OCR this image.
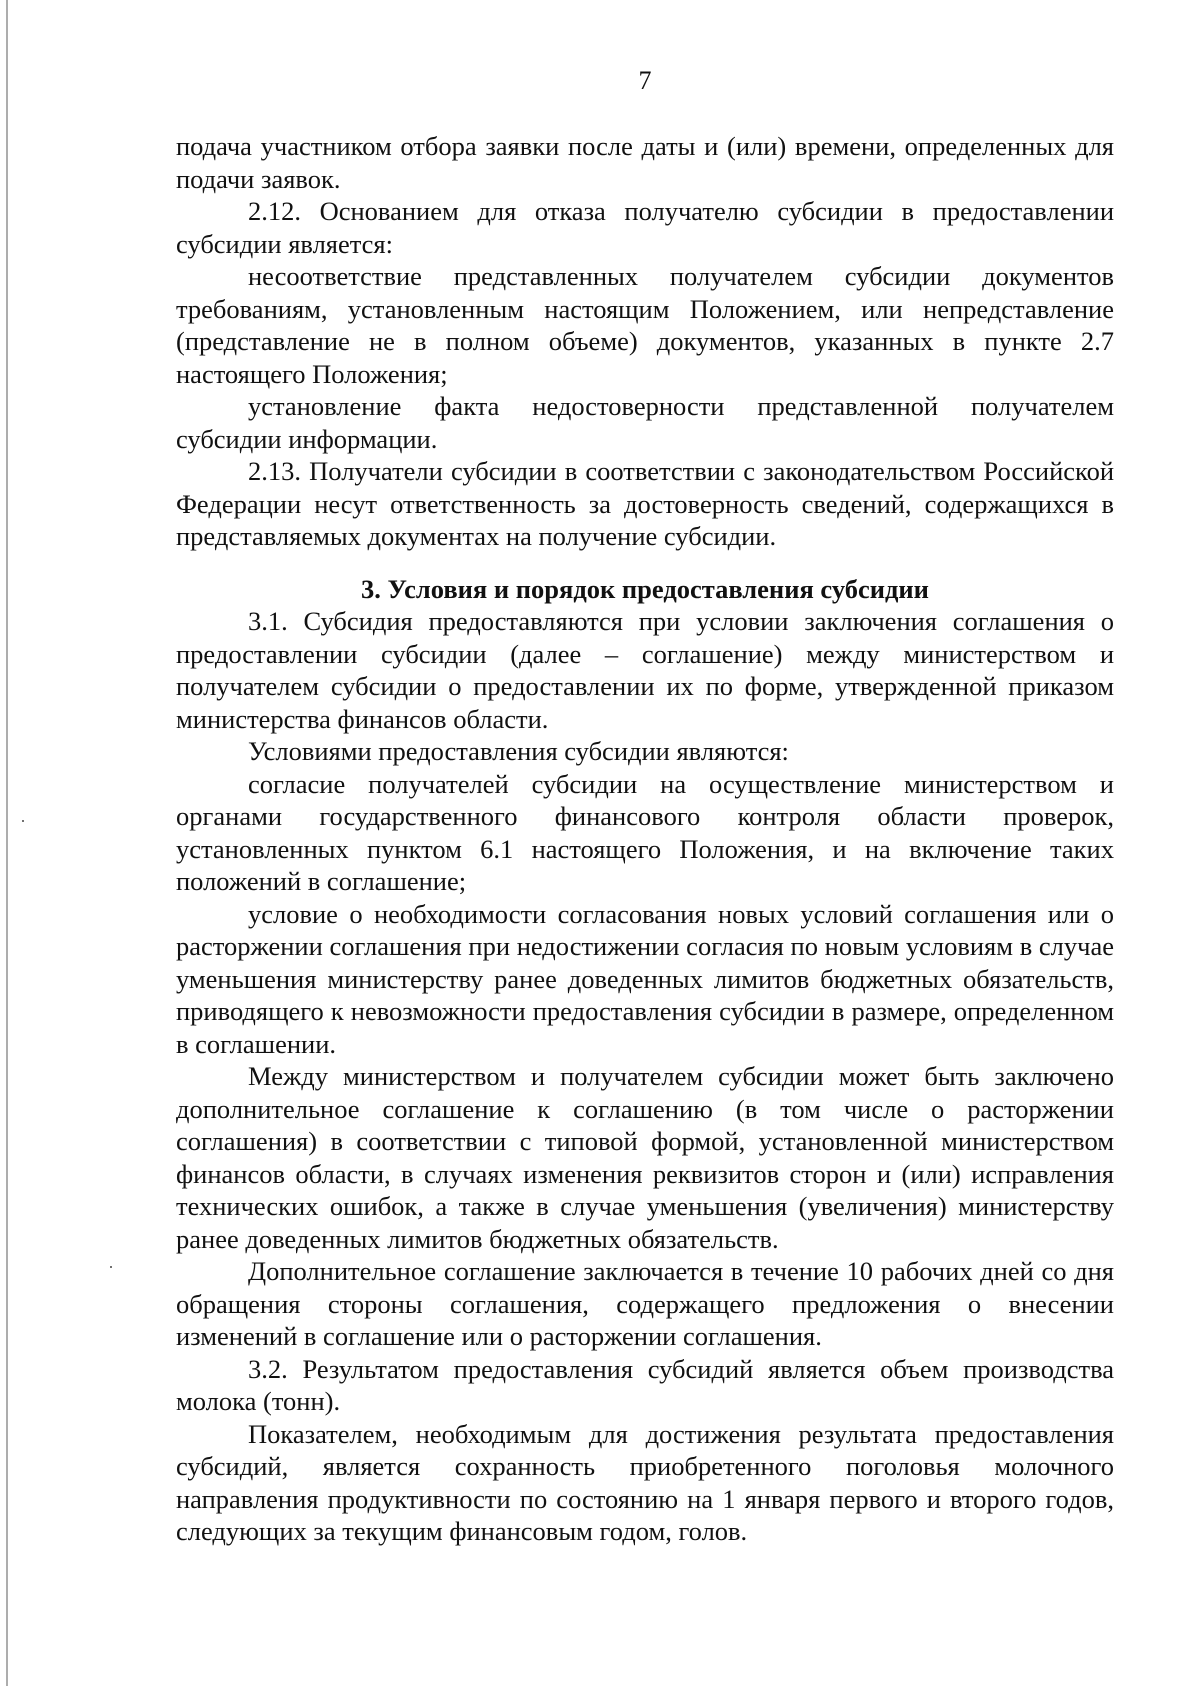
7

подача участником отбора заявки после даты и (или) времени, определенных для подачи заявок.

2.12. Основанием для отказа получателю субсидии в предоставлении субсидии является:

несоответствие представленных получателем субсидии документов требованиям, установленным настоящим Положением, или непредставление (представление не в полном объеме) документов, указанных в пункте 2.7 настоящего Положения;

установление факта недостоверности представленной получателем субсидии информации.

2.13. Получатели субсидии в соответствии с законодательством Российской Федерации несут ответственность за достоверность сведений, содержащихся в представляемых документах на получение субсидии.

3. Условия и порядок предоставления субсидии

3.1. Субсидия предоставляются при условии заключения соглашения о предоставлении субсидии (далее – соглашение) между министерством и получателем субсидии о предоставлении их по форме, утвержденной приказом министерства финансов области.

Условиями предоставления субсидии являются:

согласие получателей субсидии на осуществление министерством и органами государственного финансового контроля области проверок, установленных пунктом 6.1 настоящего Положения, и на включение таких положений в соглашение;

условие о необходимости согласования новых условий соглашения или о расторжении соглашения при недостижении согласия по новым условиям в случае уменьшения министерству ранее доведенных лимитов бюджетных обязательств, приводящего к невозможности предоставления субсидии в размере, определенном в соглашении.

Между министерством и получателем субсидии может быть заключено дополнительное соглашение к соглашению (в том числе о расторжении соглашения) в соответствии с типовой формой, установленной министерством финансов области, в случаях изменения реквизитов сторон и (или) исправления технических ошибок, а также в случае уменьшения (увеличения) министерству ранее доведенных лимитов бюджетных обязательств.

Дополнительное соглашение заключается в течение 10 рабочих дней со дня обращения стороны соглашения, содержащего предложения о внесении изменений в соглашение или о расторжении соглашения.

3.2. Результатом предоставления субсидий является объем производства молока (тонн).

Показателем, необходимым для достижения результата предоставления субсидий, является сохранность приобретенного поголовья молочного направления продуктивности по состоянию на 1 января первого и второго годов, следующих за текущим финансовым годом, голов.
